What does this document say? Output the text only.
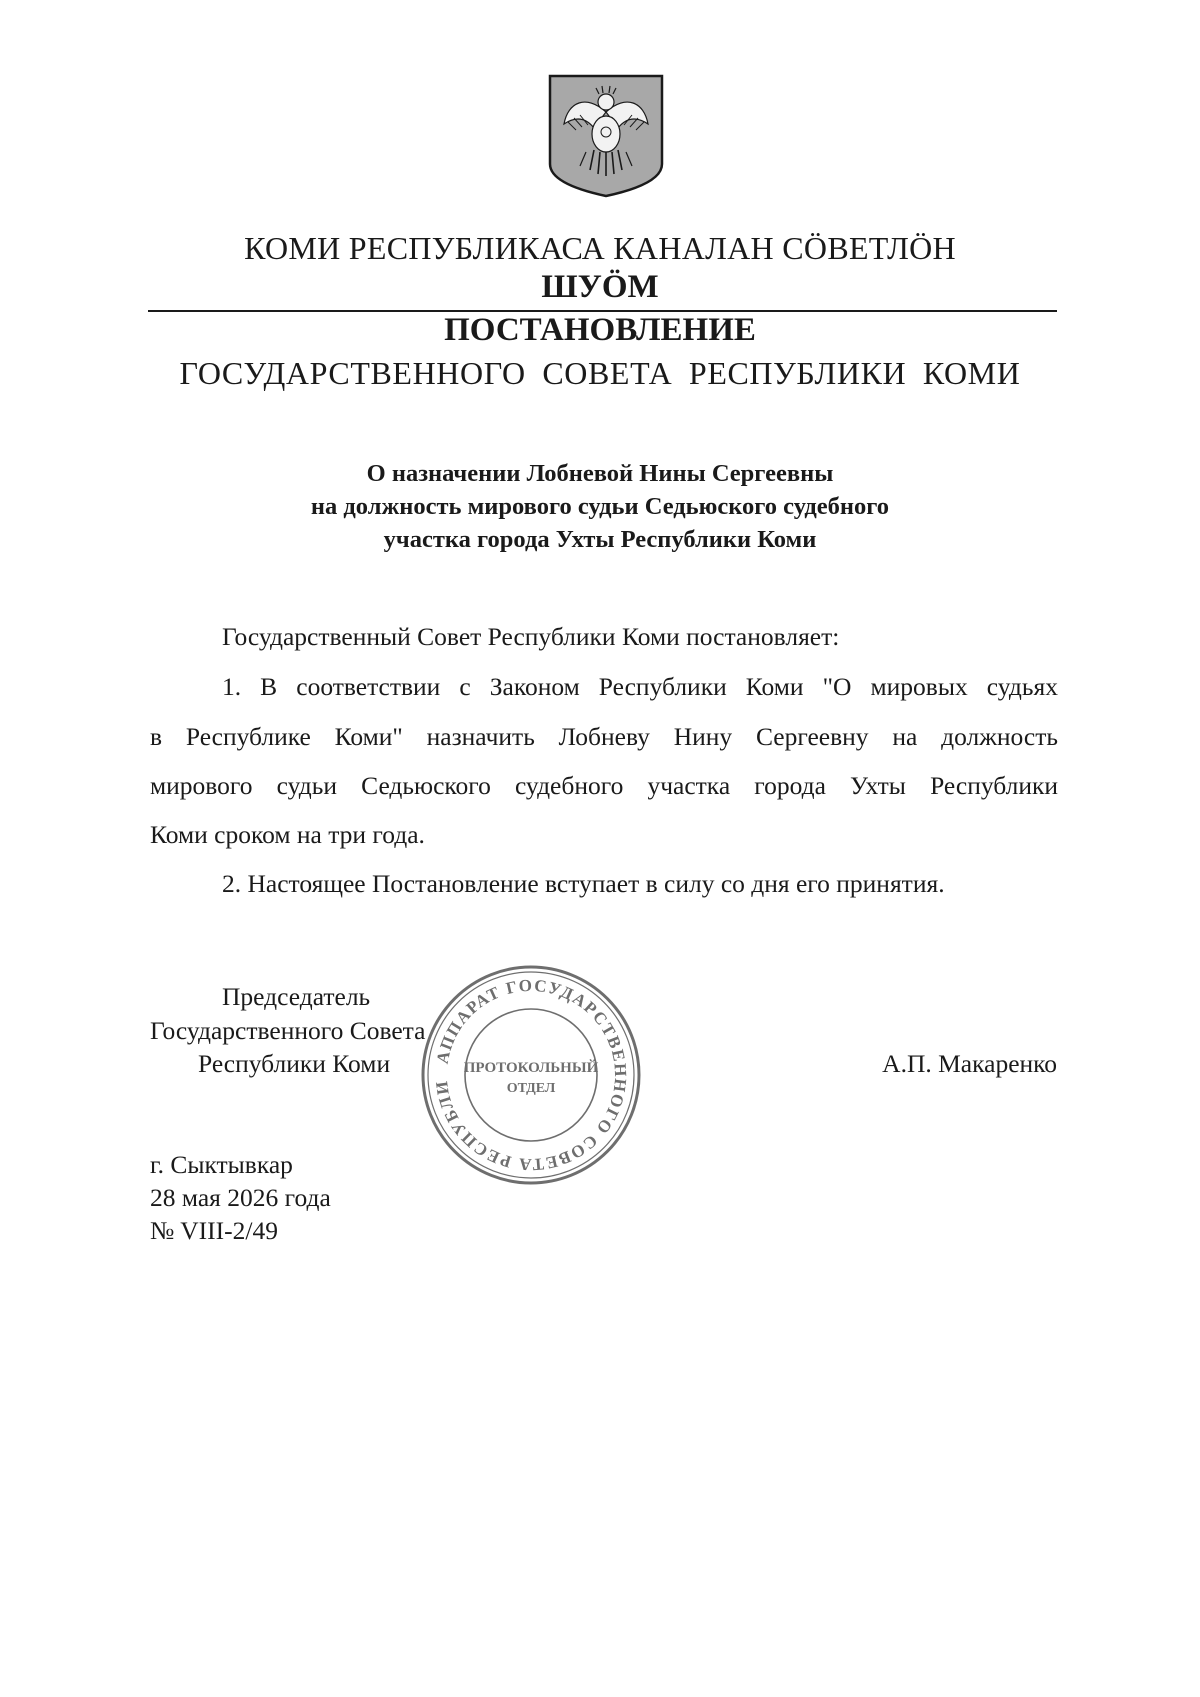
КОМИ РЕСПУБЛИКАСА КАНАЛАН СÖВЕТЛÖН
ШУÖМ
ПОСТАНОВЛЕНИЕ
ГОСУДАРСТВЕННОГО СОВЕТА РЕСПУБЛИКИ КОМИ
О назначении Лобневой Нины Сергеевны
на должность мирового судьи Седьюского судебного
участка города Ухты Республики Коми
Государственный Совет Республики Коми постановляет:
1. В соответствии с Законом Республики Коми "О мировых судьях
в Республике Коми" назначить Лобневу Нину Сергеевну на должность
мирового судьи Седьюского судебного участка города Ухты Республики
Коми сроком на три года.
2. Настоящее Постановление вступает в силу со дня его принятия.
Председатель
Государственного Совета
Республики Коми	А.П. Макаренко
АППАРАТ ГОСУДАРСТВЕННОГО СОВЕТА РЕСПУБЛИ
ПРОТОКОЛЬНЫЙ
ОТДЕЛ
г. Сыктывкар
28 мая 2026 года
№ VIII-2/49
